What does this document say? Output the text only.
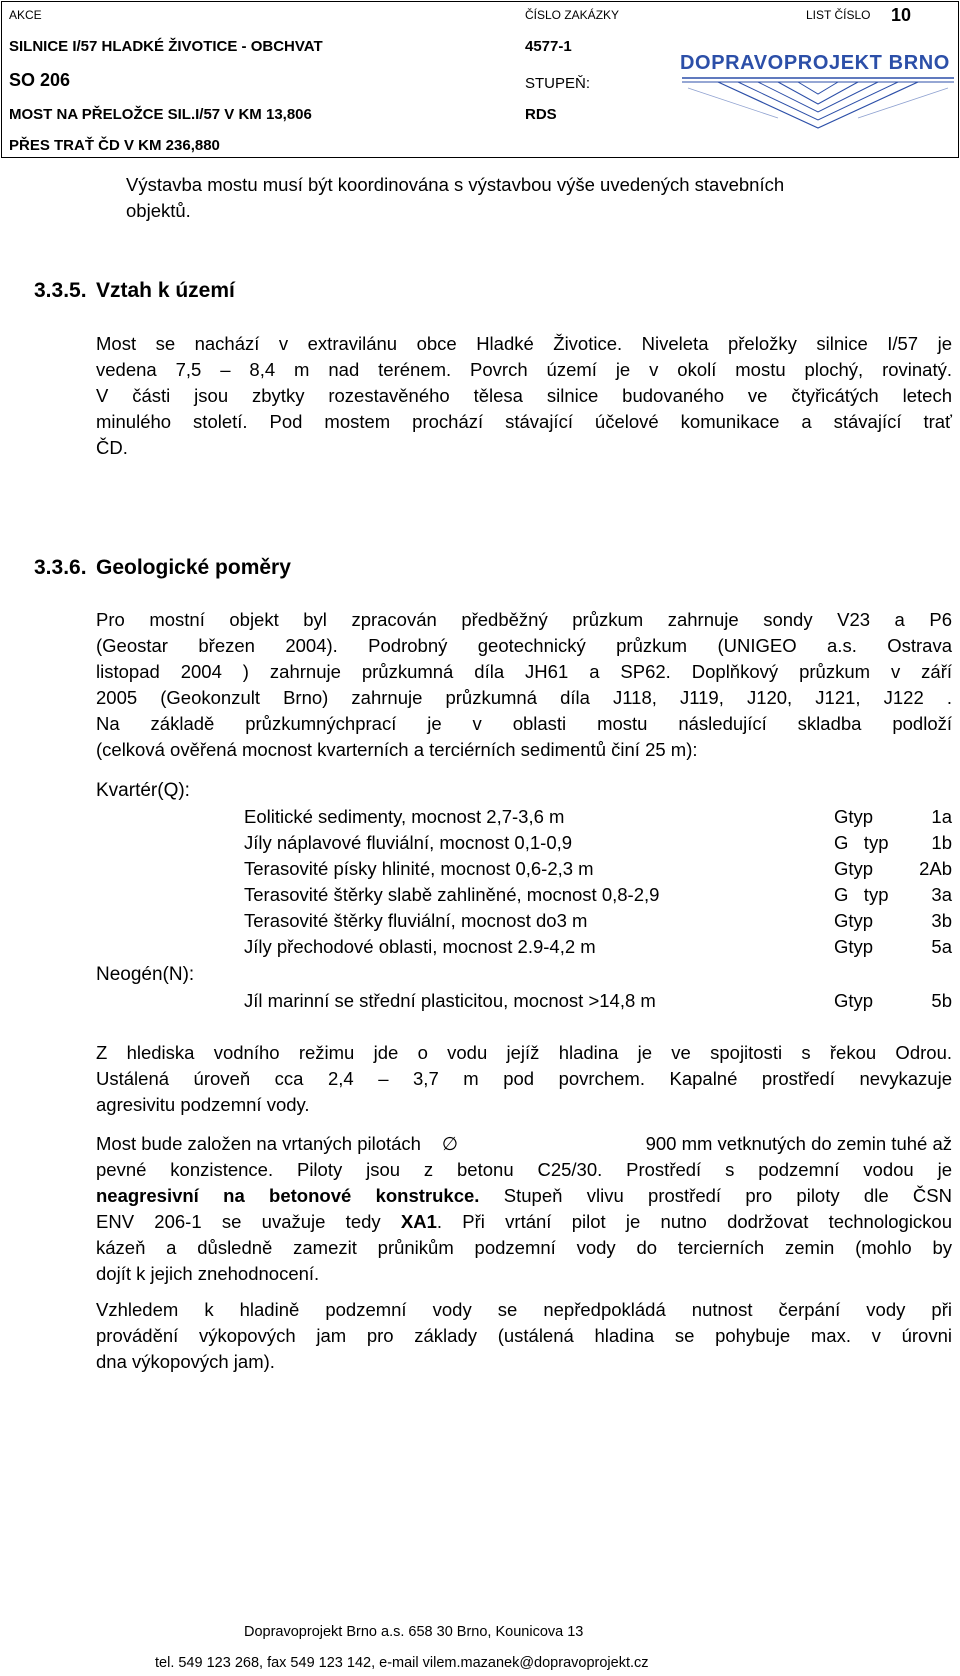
AKCE	ČÍSLO ZAKÁZKY	LIST ČÍSLO 10
SILNICE I/57 HLADKÉ ŽIVOTICE - OBCHVAT	4577-1
SO 206	STUPEŇ:
MOST NA PŘELOŽCE SIL.I/57 V KM 13,806	RDS
PŘES TRAŤ ČD V KM 236,880
DOPRAVOPROJEKT BRNO
Výstavba mostu musí být koordinována s výstavbou výše uvedených stavebních
objektů.
3.3.5. Vztah k území
Most se nachází v extravilánu obce Hladké Životice. Niveleta přeložky silnice I/57 je
vedena 7,5 – 8,4 m nad terénem. Povrch území je v okolí mostu plochý, rovinatý.
V části jsou zbytky rozestavěného tělesa silnice budovaného ve čtyřicátých letech
minulého století. Pod mostem prochází stávající účelové komunikace a stávající trať
ČD.
3.3.6. Geologické poměry
Pro mostní objekt byl zpracován předběžný průzkum zahrnuje sondy V23 a P6
(Geostar březen 2004). Podrobný geotechnický průzkum (UNIGEO a.s. Ostrava
listopad 2004 ) zahrnuje průzkumná díla JH61 a SP62. Doplňkový průzkum v září
2005 (Geokonzult Brno) zahrnuje průzkumná díla J118, J119, J120, J121, J122 .
Na základě průzkumnýchprací je v oblasti mostu následující skladba podloží
(celková ověřená mocnost kvarterních a terciérních sedimentů činí 25 m):
Kvartér(Q):
Eolitické sedimenty, mocnost 2,7-3,6 m	Gtyp	1a
Jíly náplavové fluviální, mocnost 0,1-0,9	G   typ 1b
Terasovité písky hlinité, mocnost 0,6-2,3 m	Gtyp 2Ab
Terasovité štěrky slabě zahliněné, mocnost 0,8-2,9	G   typ 3a
Terasovité štěrky fluviální, mocnost do3 m	Gtyp	3b
Jíly přechodové oblasti, mocnost 2.9-4,2 m	Gtyp	5a
Neogén(N):
Jíl marinní se střední plasticitou, mocnost >14,8 m	Gtyp	5b
Z hlediska vodního režimu jde o vodu jejíž hladina je ve spojitosti s řekou Odrou.
Ustálená úroveň cca 2,4 – 3,7 m pod povrchem. Kapalné prostředí nevykazuje
agresivitu podzemní vody.
Most bude založen na vrtaných pilotách ∅	900 mm vetknutých do zemin tuhé až
pevné konzistence. Piloty jsou z betonu C25/30. Prostředí s podzemní vodou je
neagresivní na betonové konstrukce. Stupeň vlivu prostředí pro piloty dle ČSN
ENV 206-1 se uvažuje tedy XA1. Při vrtání pilot je nutno dodržovat technologickou
kázeň a důsledně zamezit průnikům podzemní vody do tercierních zemin (mohlo by
dojít k jejich znehodnocení.
Vzhledem k hladině podzemní vody se nepředpokládá nutnost čerpání vody při
provádění výkopových jam pro základy (ustálená hladina se pohybuje max. v úrovni
dna výkopových jam).
Dopravoprojekt Brno a.s. 658 30 Brno, Kounicova 13
tel. 549 123 268, fax 549 123 142, e-mail vilem.mazanek@dopravoprojekt.cz
